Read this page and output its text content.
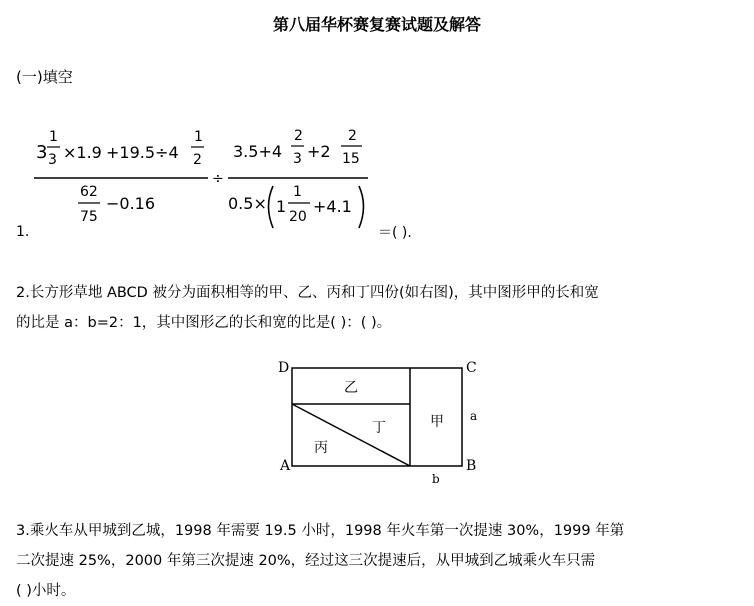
第八届华杯赛复赛试题及解答
(一)填空
1.
3
1
3 ×1.9 +19.5÷4
1
2
62
75
−0.16
÷
3.5+4
2
3 +2
2
15
0.5× 1
1
20
+4.1
＝( ).
2.长方形草地 ABCD 被分为面积相等的甲、乙、丙和丁四份(如右图)，其中图形甲的长和宽
的比是 a：b=2：1，其中图形乙的长和宽的比是( )：( )。
D	C
A	B
乙
丁
丙
甲 a
b
3.乘火车从甲城到乙城，1998 年需要 19.5 小时，1998 年火车第一次提速 30%，1999 年第
二次提速 25%，2000 年第三次提速 20%，经过这三次提速后，从甲城到乙城乘火车只需
( )小时。
